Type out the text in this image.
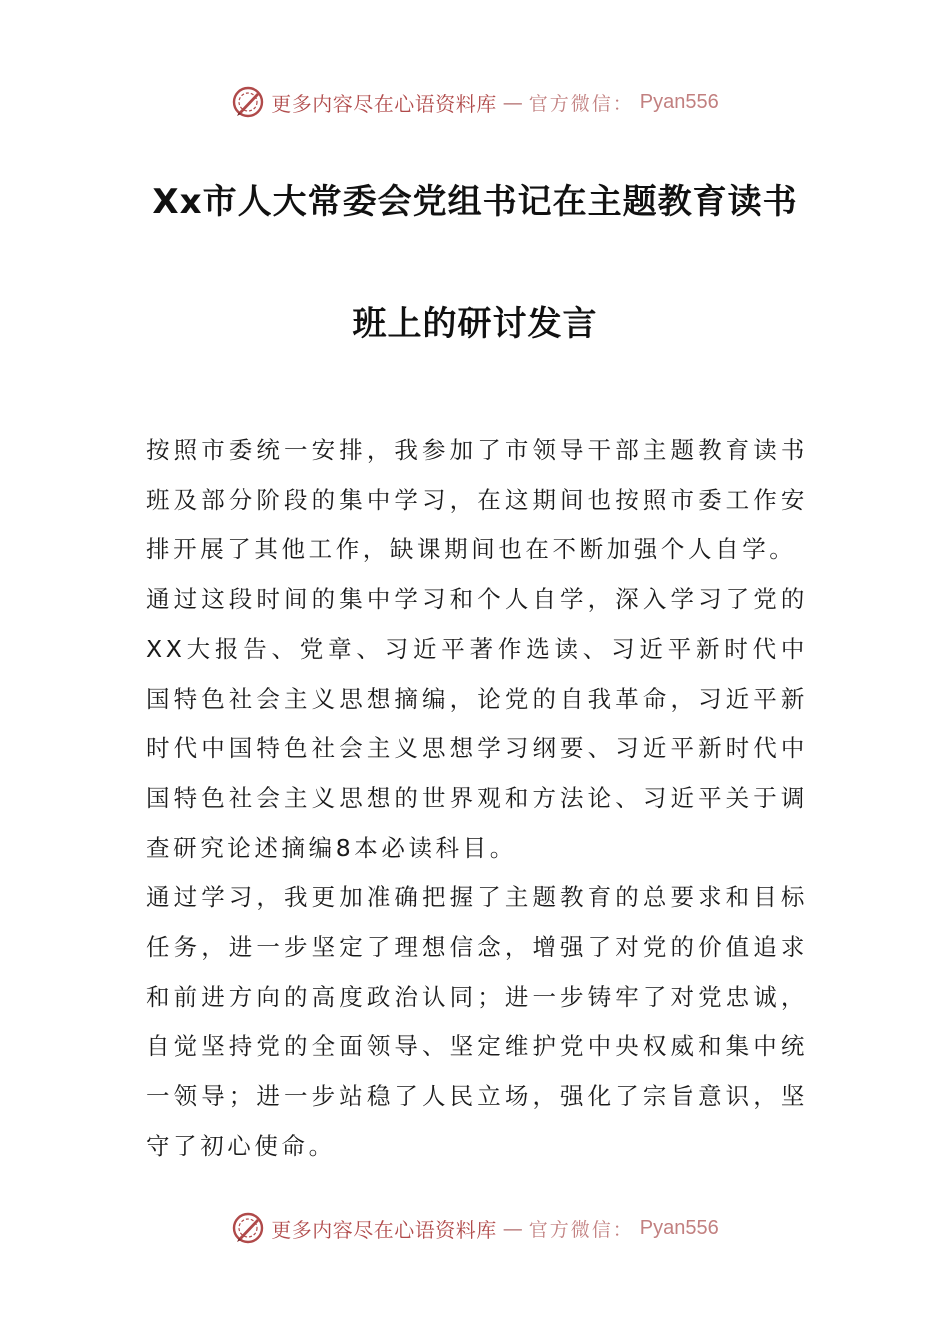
更多内容尽在心语资料库 — 官方微信： Pyan556
Xx市人大常委会党组书记在主题教育读书
班上的研讨发言

按照市委统一安排，我参加了市领导干部主题教育读书班及部分阶段的集中学习，在这期间也按照市委工作安排开展了其他工作，缺课期间也在不断加强个人自学。

通过这段时间的集中学习和个人自学，深入学习了党的XX大报告、党章、习近平著作选读、习近平新时代中国特色社会主义思想摘编，论党的自我革命，习近平新时代中国特色社会主义思想学习纲要、习近平新时代中国特色社会主义思想的世界观和方法论、习近平关于调查研究论述摘编8本必读科目。

通过学习，我更加准确把握了主题教育的总要求和目标任务，进一步坚定了理想信念，增强了对党的价值追求和前进方向的高度政治认同；进一步铸牢了对党忠诚，自觉坚持党的全面领导、坚定维护党中央权威和集中统一领导；进一步站稳了人民立场，强化了宗旨意识，坚守了初心使命。

更多内容尽在心语资料库 — 官方微信： Pyan556
